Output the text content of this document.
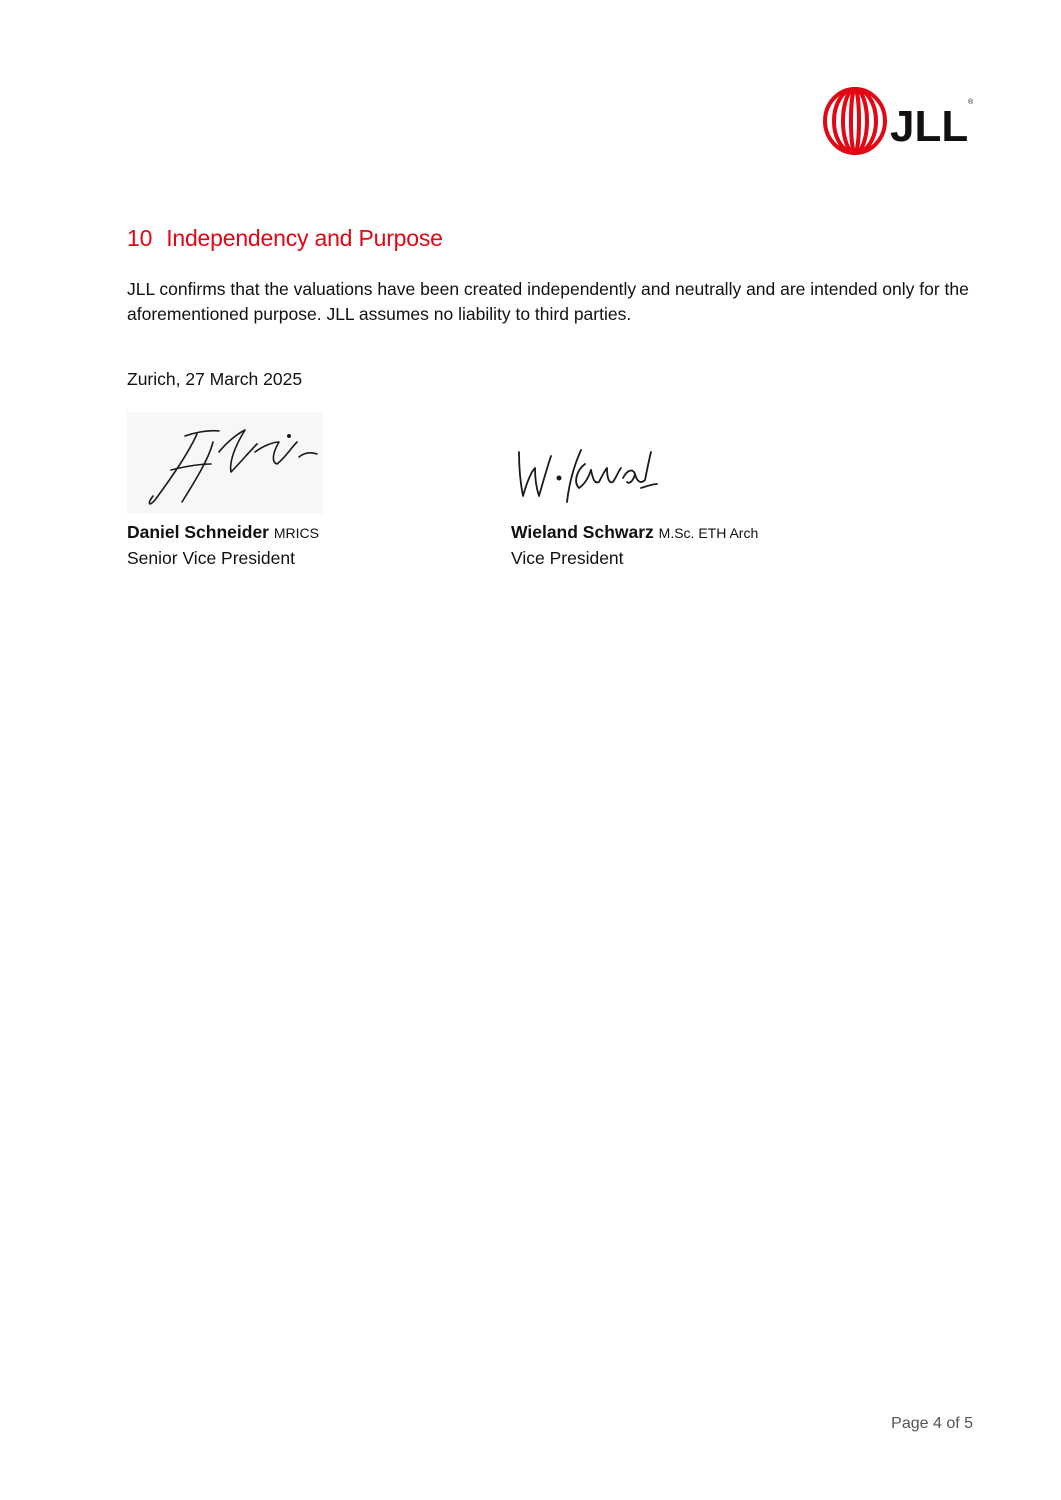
JLL ®
10 Independency and Purpose

JLL confirms that the valuations have been created independently and neutrally and are intended only for the aforementioned purpose. JLL assumes no liability to third parties.

Zurich, 27 March 2025

Daniel Schneider MRICS
Senior Vice President
Wieland Schwarz M.Sc. ETH Arch
Vice President
Page 4 of 5
